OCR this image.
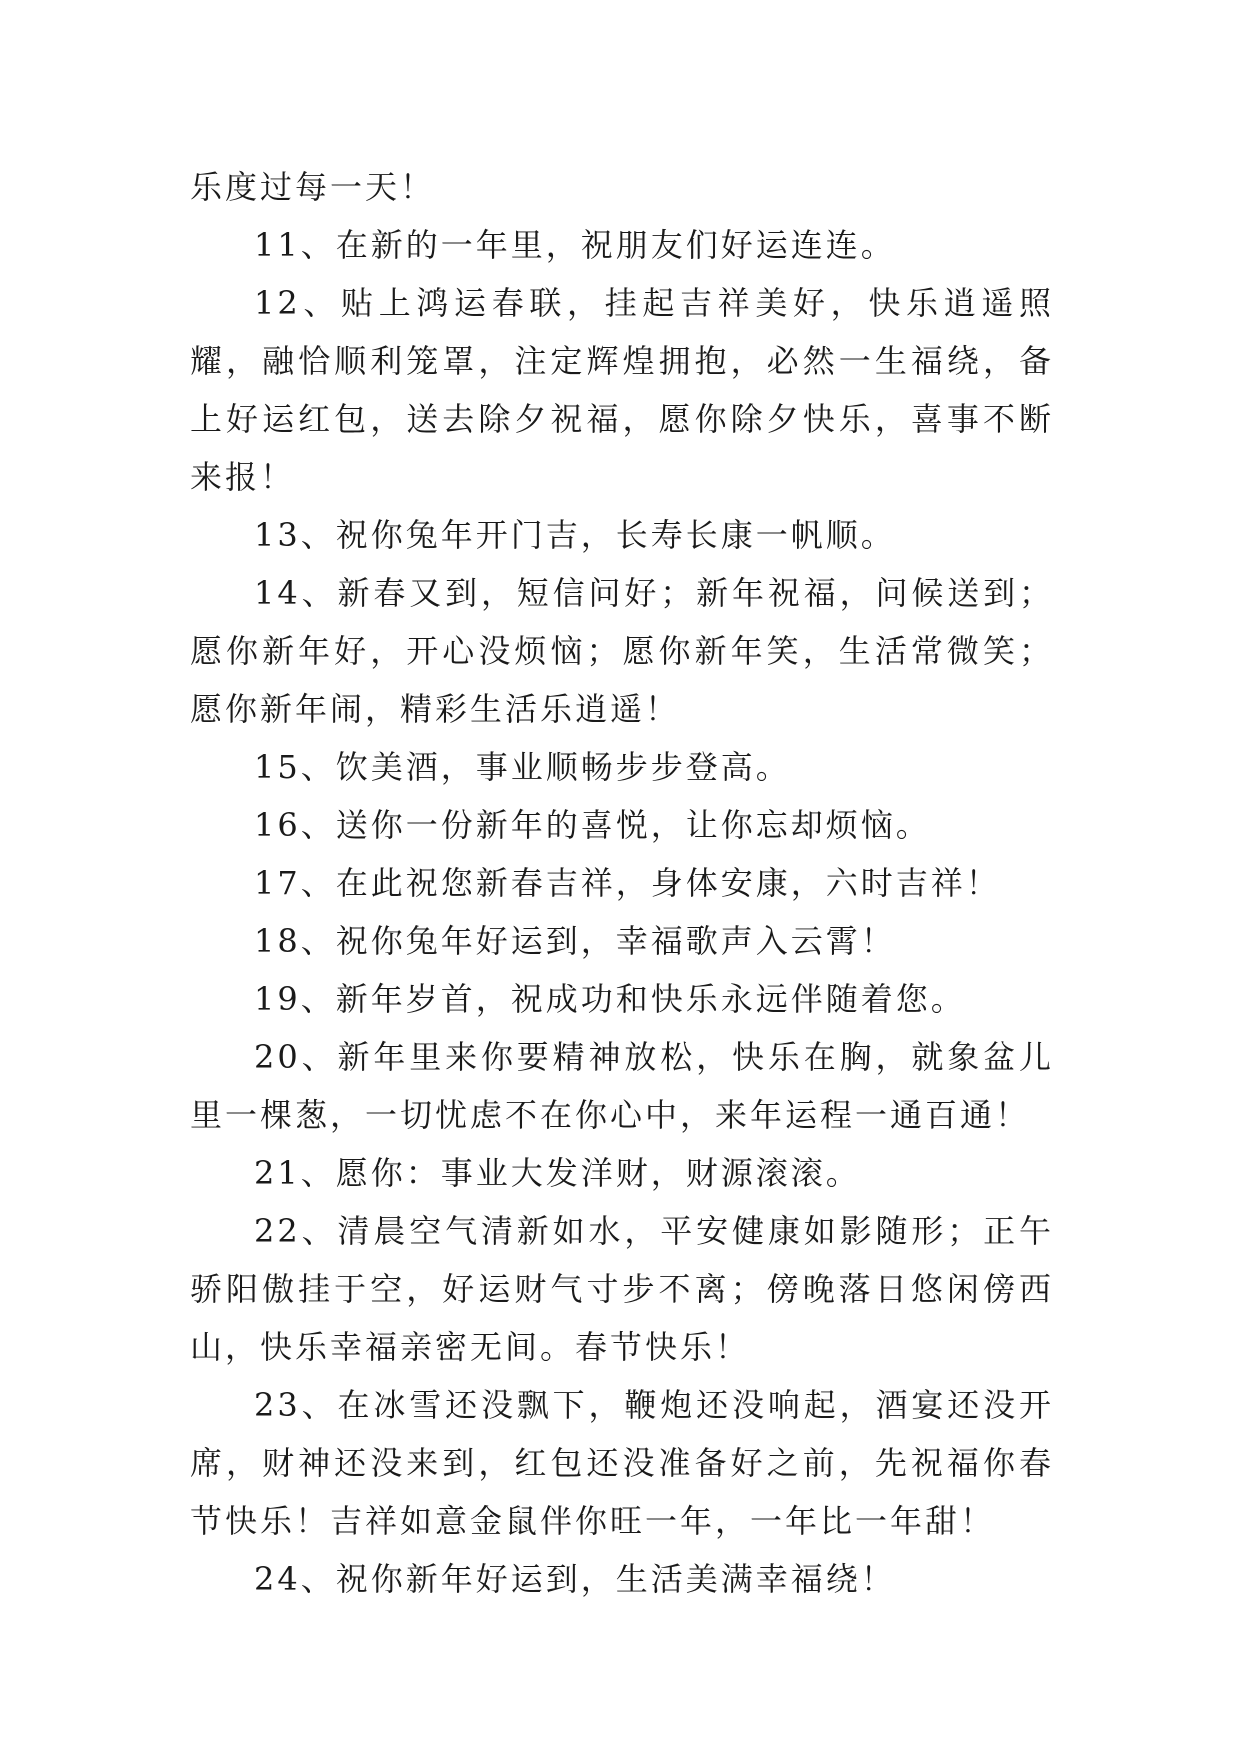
乐度过每一天！

11、在新的一年里，祝朋友们好运连连。

12、贴上鸿运春联，挂起吉祥美好，快乐逍遥照耀，融恰顺利笼罩，注定辉煌拥抱，必然一生福绕，备上好运红包，送去除夕祝福，愿你除夕快乐，喜事不断来报！

13、祝你兔年开门吉，长寿长康一帆顺。

14、新春又到，短信问好；新年祝福，问候送到；愿你新年好，开心没烦恼；愿你新年笑，生活常微笑；愿你新年闹，精彩生活乐逍遥！

15、饮美酒，事业顺畅步步登高。

16、送你一份新年的喜悦，让你忘却烦恼。

17、在此祝您新春吉祥，身体安康，六时吉祥！

18、祝你兔年好运到，幸福歌声入云霄！

19、新年岁首，祝成功和快乐永远伴随着您。

20、新年里来你要精神放松，快乐在胸，就象盆儿里一棵葱，一切忧虑不在你心中，来年运程一通百通！

21、愿你：事业大发洋财，财源滚滚。

22、清晨空气清新如水，平安健康如影随形；正午骄阳傲挂于空，好运财气寸步不离；傍晚落日悠闲傍西山，快乐幸福亲密无间。春节快乐！

23、在冰雪还没飘下，鞭炮还没响起，酒宴还没开席，财神还没来到，红包还没准备好之前，先祝福你春节快乐！吉祥如意金鼠伴你旺一年，一年比一年甜！

24、祝你新年好运到，生活美满幸福绕！
